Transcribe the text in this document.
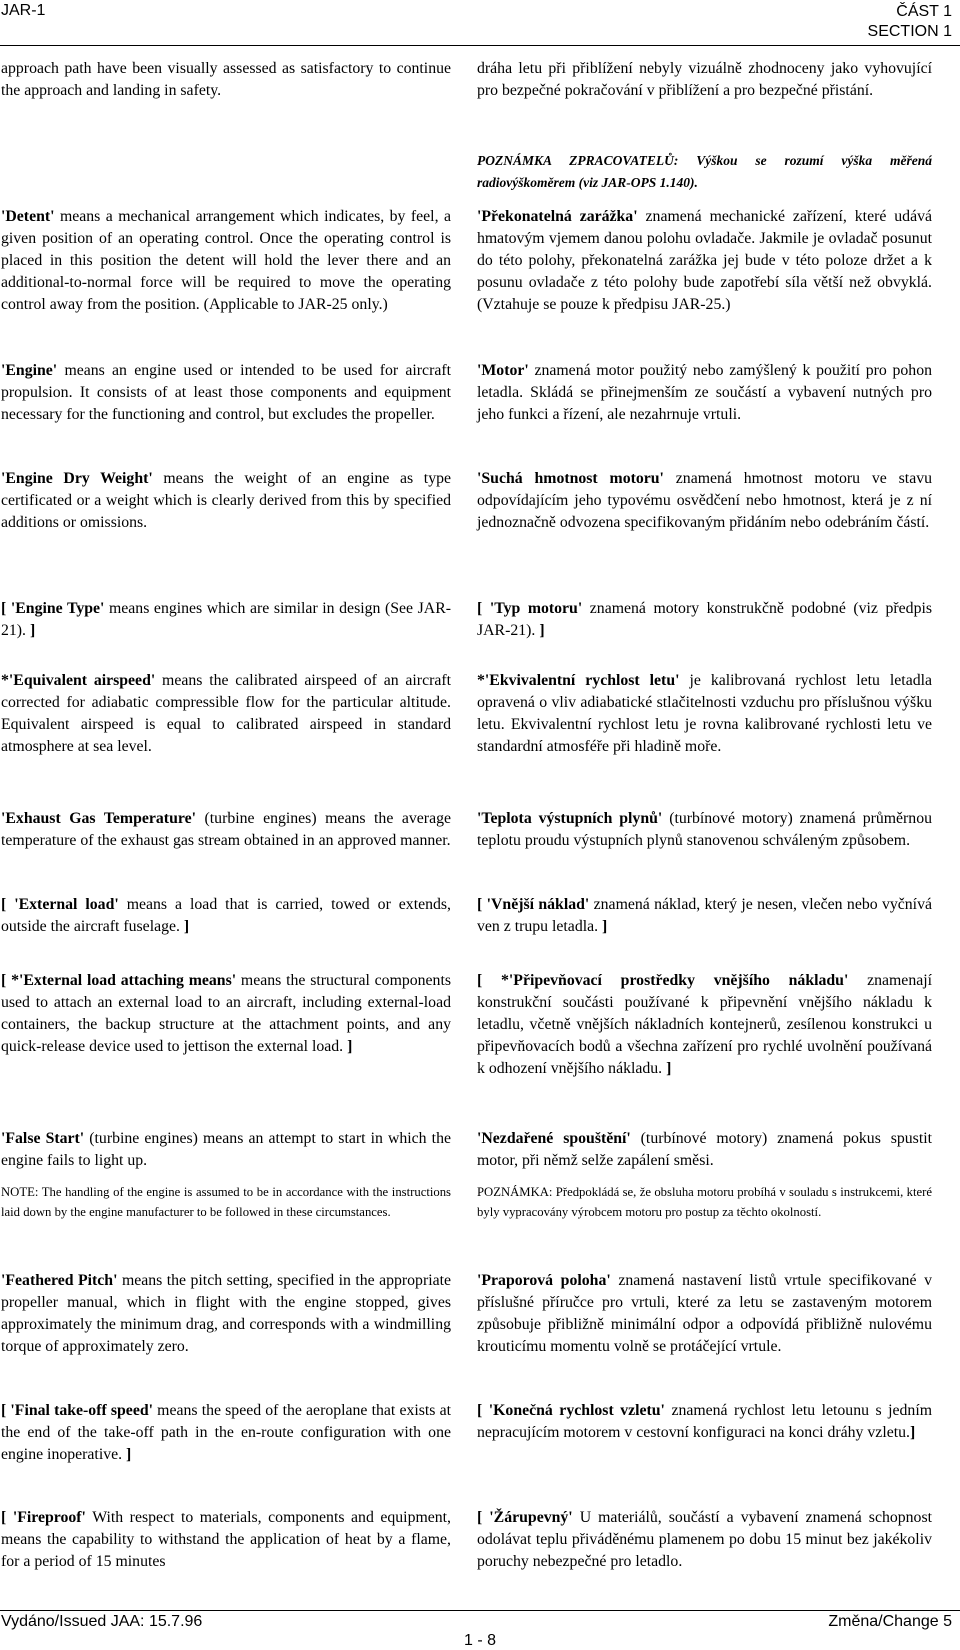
JAR-1	ČÁST 1
SECTION 1

approach path have been visually assessed as satisfactory to continue the approach and landing in safety.

'Detent' means a mechanical arrangement which indicates, by feel, a given position of an operating control. Once the operating control is placed in this position the detent will hold the lever there and an additional-to-normal force will be required to move the operating control away from the position. (Applicable to JAR-25 only.)

'Engine' means an engine used or intended to be used for aircraft propulsion. It consists of at least those components and equipment necessary for the functioning and control, but excludes the propeller.

'Engine Dry Weight' means the weight of an engine as type certificated or a weight which is clearly derived from this by specified additions or omissions.

[ 'Engine Type' means engines which are similar in design (See JAR-21). ]

*'Equivalent airspeed' means the calibrated airspeed of an aircraft corrected for adiabatic compressible flow for the particular altitude. Equivalent airspeed is equal to calibrated airspeed in standard atmosphere at sea level.

'Exhaust Gas Temperature' (turbine engines) means the average temperature of the exhaust gas stream obtained in an approved manner.

[ 'External load' means a load that is carried, towed or extends, outside the aircraft fuselage. ]

[ *'External load attaching means' means the structural components used to attach an external load to an aircraft, including external-load containers, the backup structure at the attachment points, and any quick-release device used to jettison the external load. ]

'False Start' (turbine engines) means an attempt to start in which the engine fails to light up.

NOTE: The handling of the engine is assumed to be in accordance with the instructions laid down by the engine manufacturer to be followed in these circumstances.

'Feathered Pitch' means the pitch setting, specified in the appropriate propeller manual, which in flight with the engine stopped, gives approximately the minimum drag, and corresponds with a windmilling torque of approximately zero.

[ 'Final take-off speed' means the speed of the aeroplane that exists at the end of the take-off path in the en-route configuration with one engine inoperative. ]

[ 'Fireproof' With respect to materials, components and equipment, means the capability to withstand the application of heat by a flame, for a period of 15 minutes

dráha letu při přiblížení nebyly vizuálně zhodnoceny jako vyhovující pro bezpečné pokračování v přiblížení a pro bezpečné přistání.

POZNÁMKA ZPRACOVATELŮ: Výškou se rozumí výška měřená radiovýškoměrem (viz JAR-OPS 1.140).

'Překonatelná zarážka' znamená mechanické zařízení, které udává hmatovým vjemem danou polohu ovladače. Jakmile je ovladač posunut do této polohy, překonatelná zarážka jej bude v této poloze držet a k posunu ovladače z této polohy bude zapotřebí síla větší než obvyklá. (Vztahuje se pouze k předpisu JAR-25.)

'Motor' znamená motor použitý nebo zamýšlený k použití pro pohon letadla. Skládá se přinejmenším ze součástí a vybavení nutných pro jeho funkci a řízení, ale nezahrnuje vrtuli.

'Suchá hmotnost motoru' znamená hmotnost motoru ve stavu odpovídajícím jeho typovému osvědčení nebo hmotnost, která je z ní jednoznačně odvozena specifikovaným přidáním nebo odebráním částí.

[ 'Typ motoru' znamená motory konstrukčně podobné (viz předpis JAR-21). ]

*'Ekvivalentní rychlost letu' je kalibrovaná rychlost letu letadla opravená o vliv adiabatické stlačitelnosti vzduchu pro příslušnou výšku letu. Ekvivalentní rychlost letu je rovna kalibrované rychlosti letu ve standardní atmosféře při hladině moře.

'Teplota výstupních plynů' (turbínové motory) znamená průměrnou teplotu proudu výstupních plynů stanovenou schváleným způsobem.

[ 'Vnější náklad' znamená náklad, který je nesen, vlečen nebo vyčnívá ven z trupu letadla. ]

[ *'Připevňovací prostředky vnějšího nákladu' znamenají konstrukční součásti používané k připevnění vnějšího nákladu k letadlu, včetně vnějších nákladních kontejnerů, zesílenou konstrukci u připevňovacích bodů a všechna zařízení pro rychlé uvolnění používaná k odhození vnějšího nákladu. ]

'Nezdařené spouštění' (turbínové motory) znamená pokus spustit motor, při němž selže zapálení směsi.

POZNÁMKA: Předpokládá se, že obsluha motoru probíhá v souladu s instrukcemi, které byly vypracovány výrobcem motoru pro postup za těchto okolností.

'Praporová poloha' znamená nastavení listů vrtule specifikované v příslušné příručce pro vrtuli, které za letu se zastaveným motorem způsobuje přibližně minimální odpor a odpovídá přibližně nulovému krouticímu momentu volně se protáčející vrtule.

[ 'Konečná rychlost vzletu' znamená rychlost letu letounu s jedním nepracujícím motorem v cestovní konfiguraci na konci dráhy vzletu.]

[ 'Žárupevný' U materiálů, součástí a vybavení znamená schopnost odolávat teplu přiváděnému plamenem po dobu 15 minut bez jakékoliv poruchy nebezpečné pro letadlo.

Vydáno/Issued JAA: 15.7.96	Změna/Change 5
1 - 8
